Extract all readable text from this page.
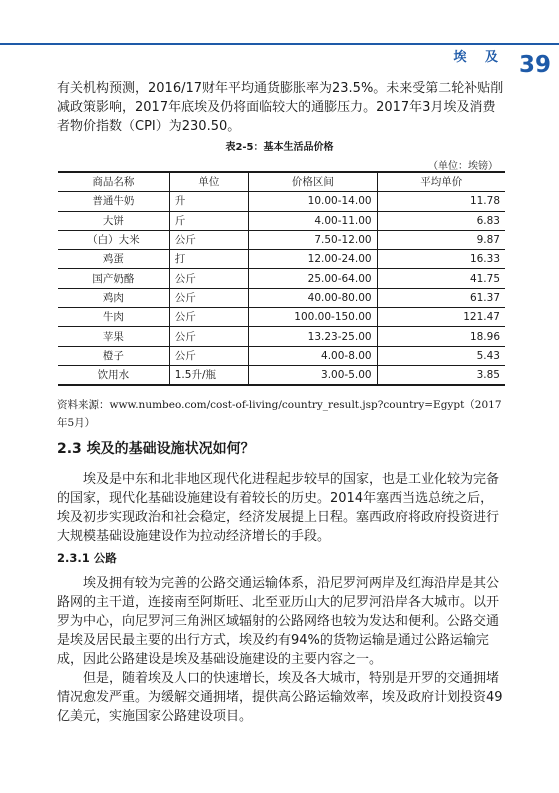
埃 及 39

有关机构预测，2016/17财年平均通货膨胀率为23.5%。未来受第二轮补贴削减政策影响，2017年底埃及仍将面临较大的通膨压力。2017年3月埃及消费者物价指数（CPI）为230.50。

表2-5：基本生活品价格
（单位：埃镑）
商品名称	单位	价格区间	平均单价
普通牛奶	升	10.00-14.00	11.78
大饼	斤	4.00-11.00	6.83
（白）大米	公斤	7.50-12.00	9.87
鸡蛋	打	12.00-24.00	16.33
国产奶酪	公斤	25.00-64.00	41.75
鸡肉	公斤	40.00-80.00	61.37
牛肉	公斤	100.00-150.00	121.47
苹果	公斤	13.23-25.00	18.96
橙子	公斤	4.00-8.00	5.43
饮用水	1.5升/瓶	3.00-5.00	3.85
资料来源：www.numbeo.com/cost-of-living/country_result.jsp?country=Egypt（2017年5月）
2.3 埃及的基础设施状况如何？

埃及是中东和北非地区现代化进程起步较早的国家，也是工业化较为完备的国家，现代化基础设施建设有着较长的历史。2014年塞西当选总统之后，埃及初步实现政治和社会稳定，经济发展提上日程。塞西政府将政府投资进行大规模基础设施建设作为拉动经济增长的手段。

2.3.1 公路

埃及拥有较为完善的公路交通运输体系，沿尼罗河两岸及红海沿岸是其公路网的主干道，连接南至阿斯旺、北至亚历山大的尼罗河沿岸各大城市。以开罗为中心，向尼罗河三角洲区域辐射的公路网络也较为发达和便利。公路交通是埃及居民最主要的出行方式，埃及约有94%的货物运输是通过公路运输完成，因此公路建设是埃及基础设施建设的主要内容之一。

但是，随着埃及人口的快速增长，埃及各大城市，特别是开罗的交通拥堵情况愈发严重。为缓解交通拥堵，提供高公路运输效率，埃及政府计划投资49亿美元，实施国家公路建设项目。
